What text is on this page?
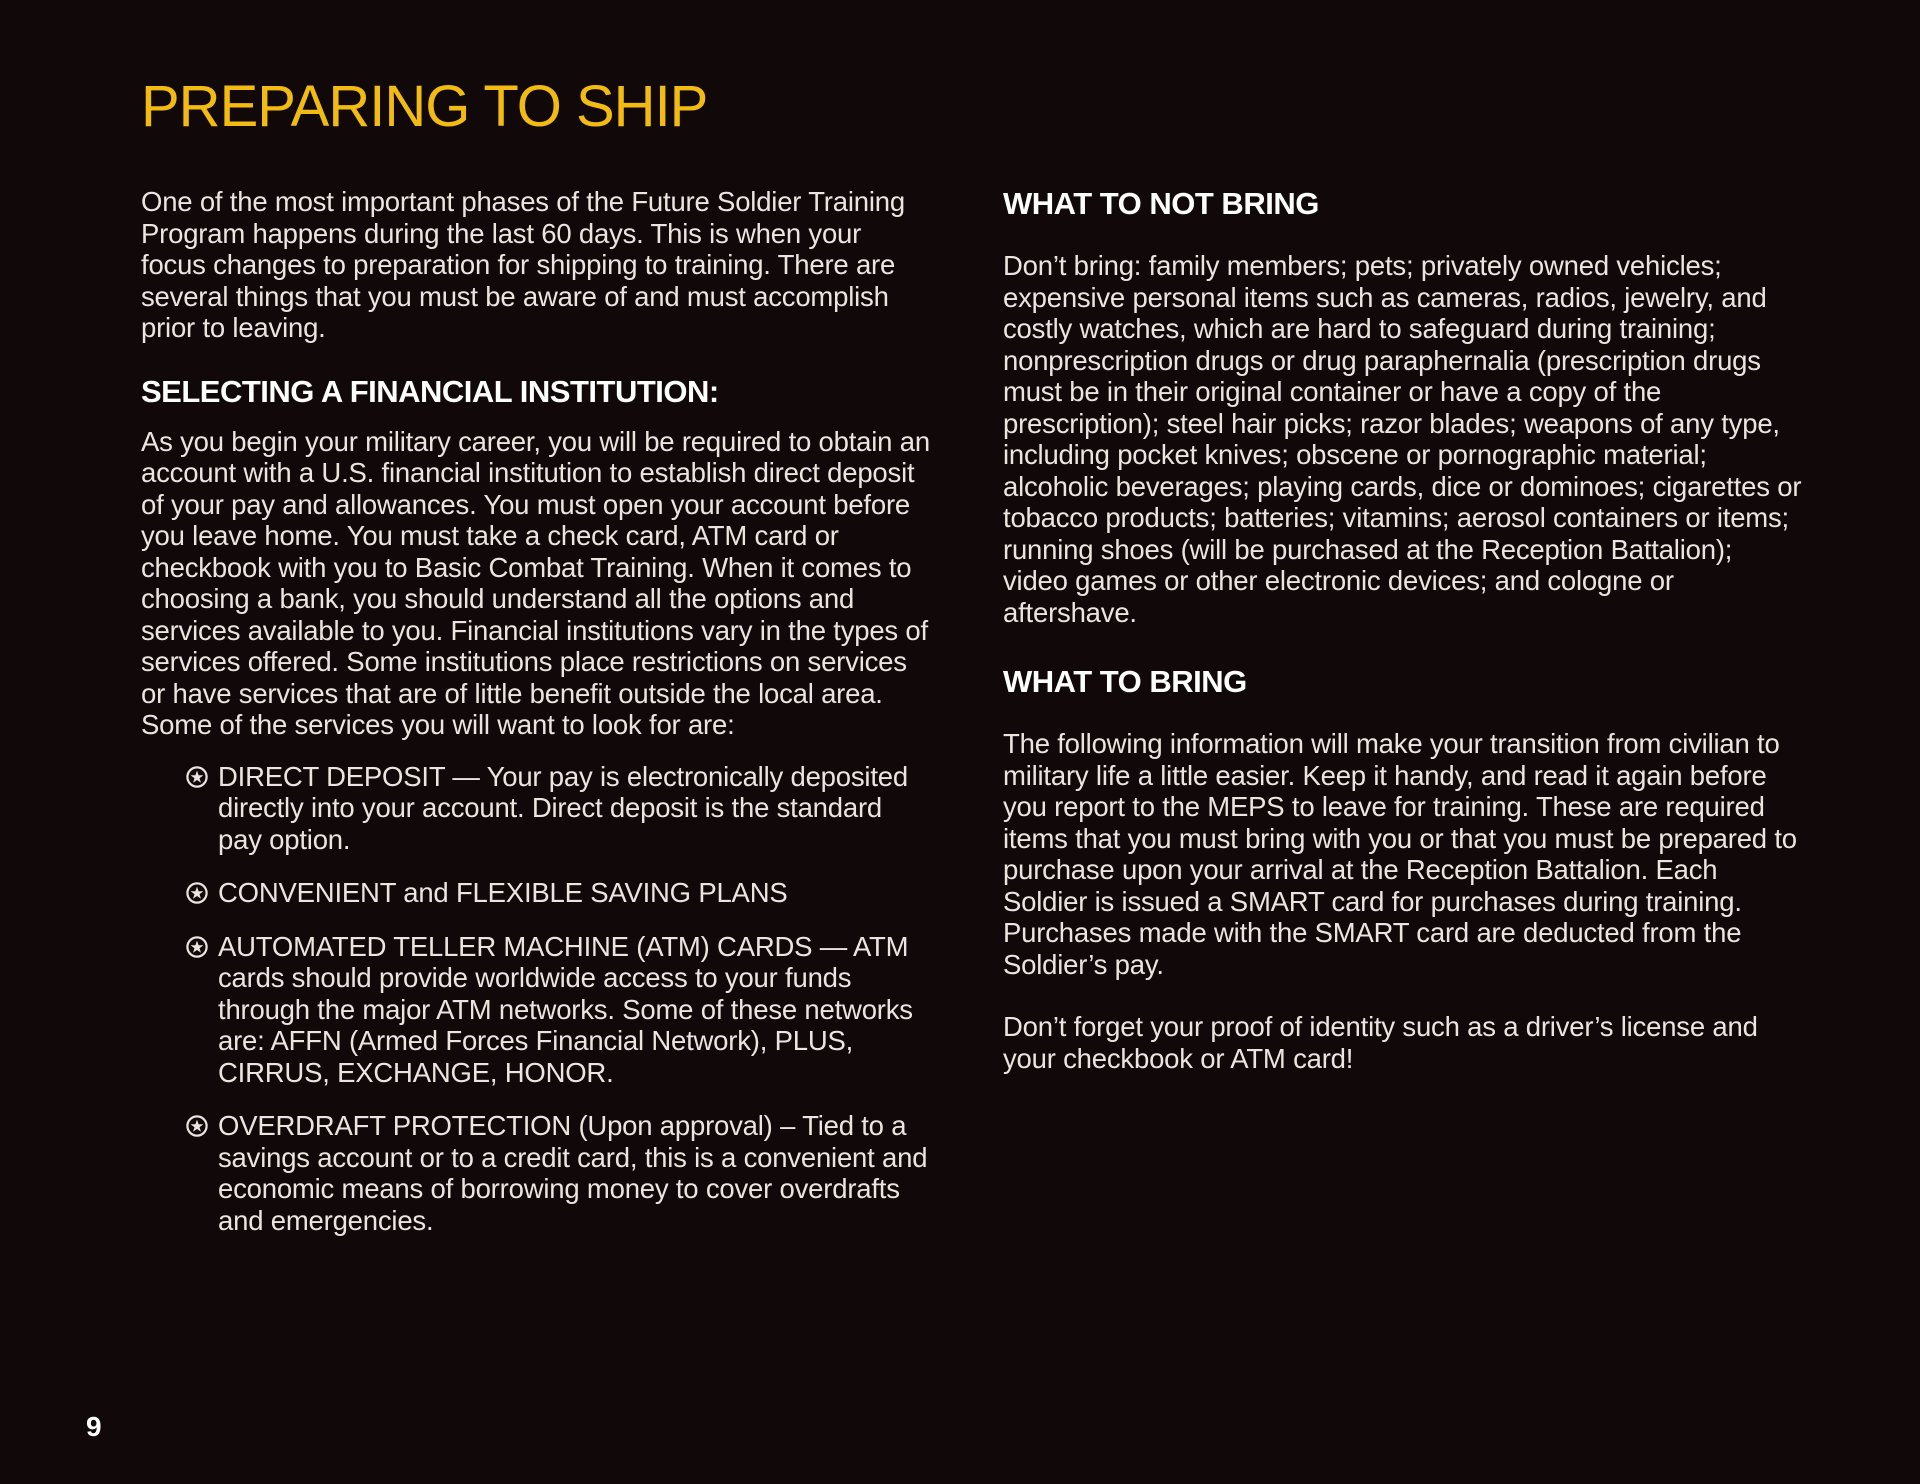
PREPARING TO SHIP

One of the most important phases of the Future Soldier Training Program happens during the last 60 days. This is when your focus changes to preparation for shipping to training. There are several things that you must be aware of and must accomplish prior to leaving.

SELECTING A FINANCIAL INSTITUTION:

As you begin your military career, you will be required to obtain an account with a U.S. financial institution to establish direct deposit of your pay and allowances. You must open your account before you leave home. You must take a check card, ATM card or checkbook with you to Basic Combat Training. When it comes to choosing a bank, you should understand all the options and services available to you. Financial institutions vary in the types of services offered. Some institutions place restrictions on services or have services that are of little benefit outside the local area. Some of the services you will want to look for are:

DIRECT DEPOSIT — Your pay is electronically deposited directly into your account. Direct deposit is the standard pay option.
CONVENIENT and FLEXIBLE SAVING PLANS
AUTOMATED TELLER MACHINE (ATM) CARDS — ATM cards should provide worldwide access to your funds through the major ATM networks. Some of these networks are: AFFN (Armed Forces Financial Network), PLUS, CIRRUS, EXCHANGE, HONOR.
OVERDRAFT PROTECTION (Upon approval) – Tied to a savings account or to a credit card, this is a convenient and economic means of borrowing money to cover overdrafts and emergencies.
WHAT TO NOT BRING

Don’t bring: family members; pets; privately owned vehicles; expensive personal items such as cameras, radios, jewelry, and costly watches, which are hard to safeguard during training; nonprescription drugs or drug paraphernalia (prescription drugs must be in their original container or have a copy of the prescription); steel hair picks; razor blades; weapons of any type, including pocket knives; obscene or pornographic material; alcoholic beverages; playing cards, dice or dominoes; cigarettes or tobacco products; batteries; vitamins; aerosol containers or items; running shoes (will be purchased at the Reception Battalion); video games or other electronic devices; and cologne or aftershave.

WHAT TO BRING

The following information will make your transition from civilian to military life a little easier. Keep it handy, and read it again before you report to the MEPS to leave for training. These are required items that you must bring with you or that you must be prepared to purchase upon your arrival at the Reception Battalion. Each Soldier is issued a SMART card for purchases during training. Purchases made with the SMART card are deducted from the Soldier’s pay.

Don’t forget your proof of identity such as a driver’s license and your checkbook or ATM card!

9
